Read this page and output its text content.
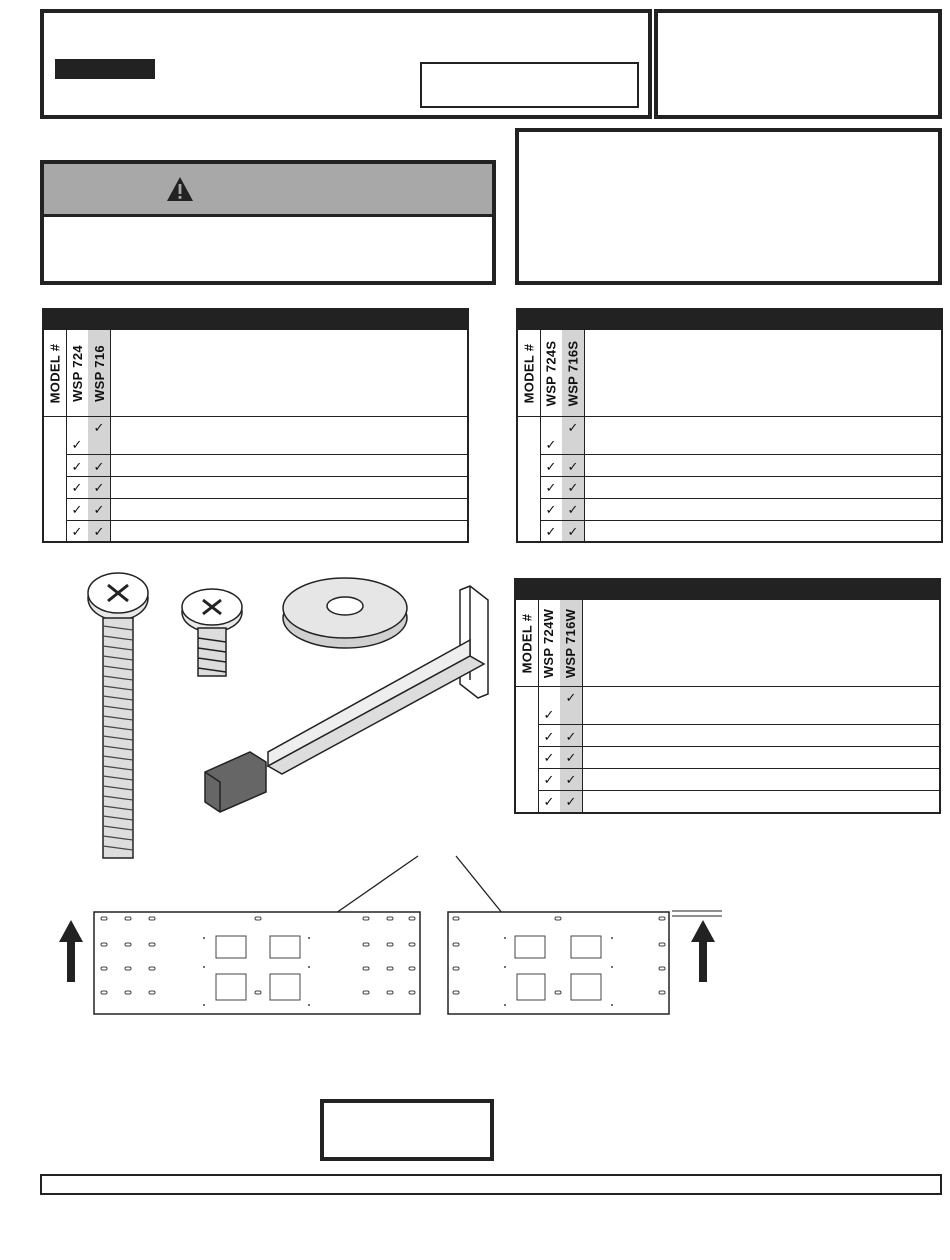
MODEL # WSP 724 WSP 716
✓
✓
✓ ✓
✓ ✓
✓ ✓
✓ ✓
MODEL # WSP 724S WSP 716S
✓
✓
✓ ✓
✓ ✓
✓ ✓
✓ ✓
MODEL # WSP 724W WSP 716W
✓
✓
✓ ✓
✓ ✓
✓ ✓
✓ ✓
